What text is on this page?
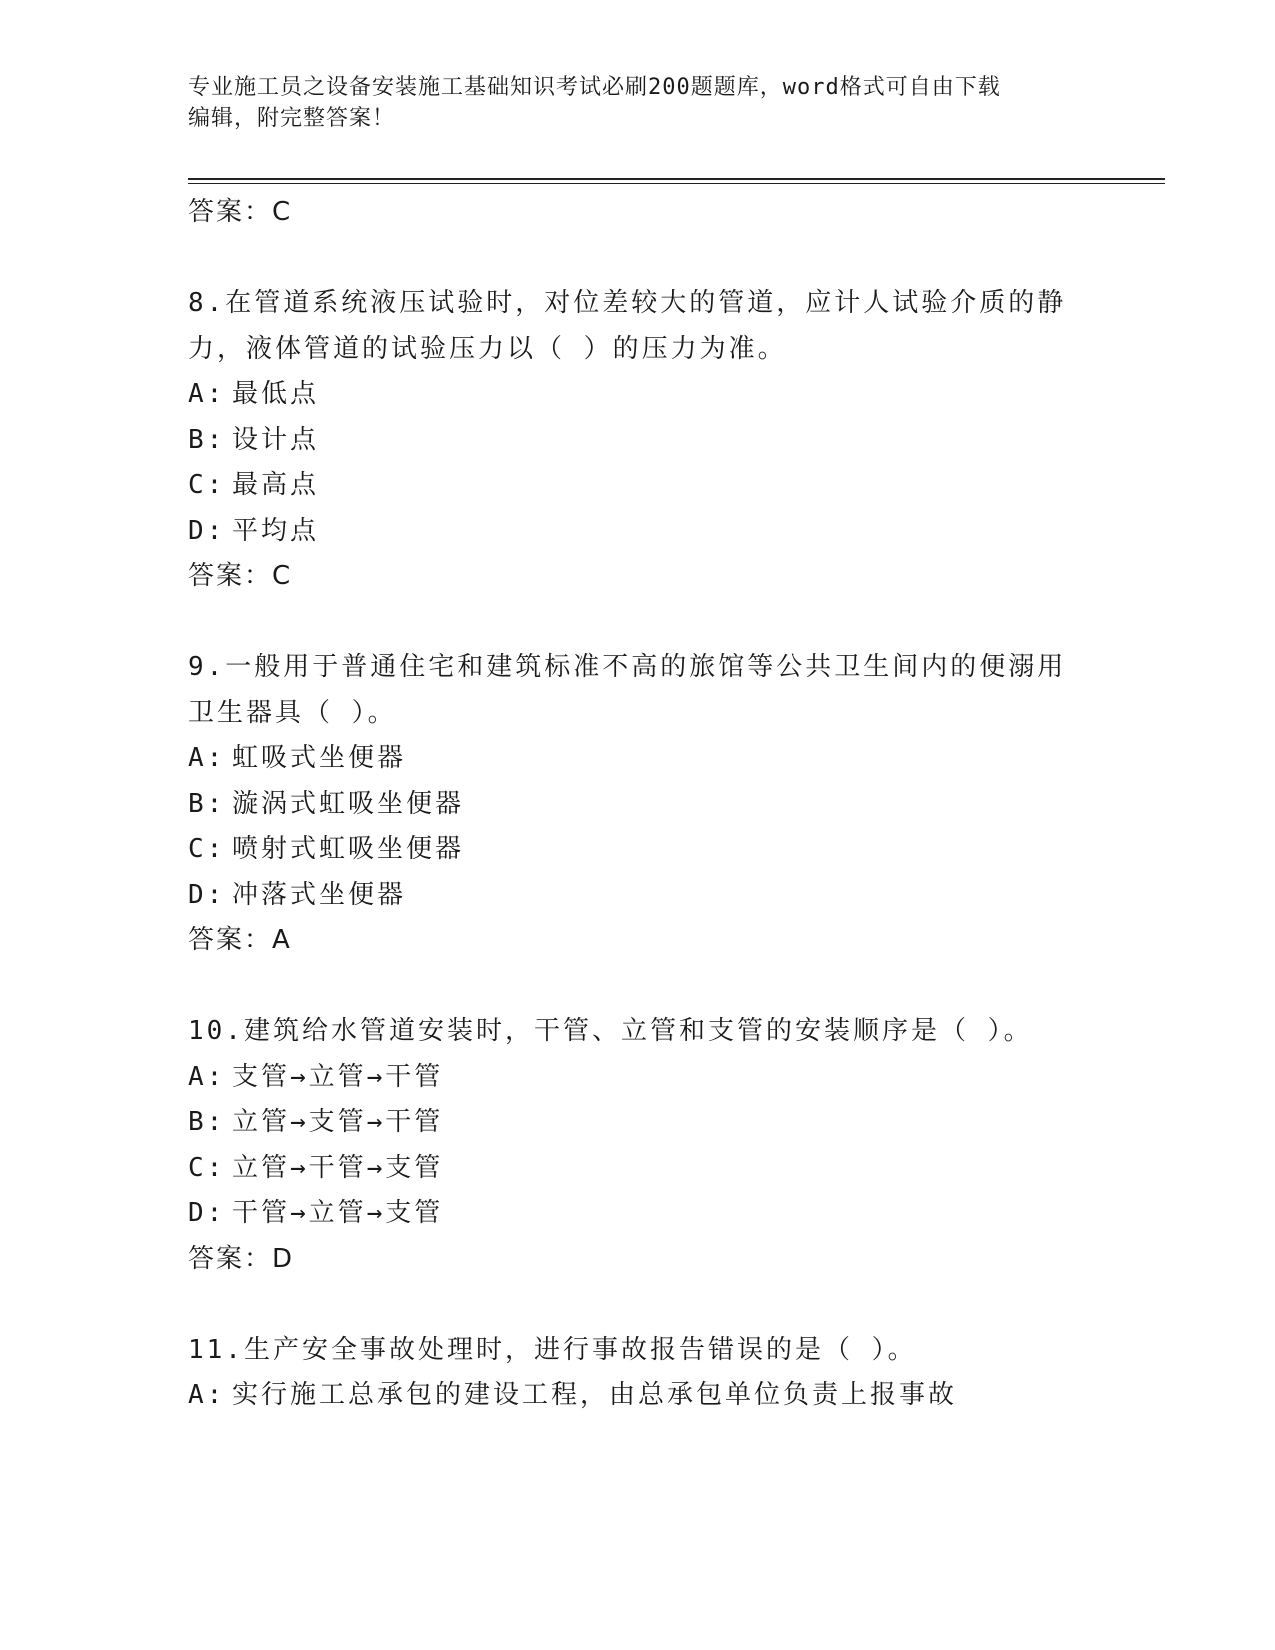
专业施工员之设备安装施工基础知识考试必刷200题题库，word格式可自由下载
编辑，附完整答案！
答案：C
8.在管道系统液压试验时，对位差较大的管道，应计人试验介质的静
力，液体管道的试验压力以（ ）的压力为准。
A: 最低点
B: 设计点
C: 最高点
D: 平均点
答案：C
9.一般用于普通住宅和建筑标准不高的旅馆等公共卫生间内的便溺用
卫生器具（ ）。
A: 虹吸式坐便器
B: 漩涡式虹吸坐便器
C: 喷射式虹吸坐便器
D: 冲落式坐便器
答案：A
10.建筑给水管道安装时，干管、立管和支管的安装顺序是（ ）。
A: 支管→立管→干管
B: 立管→支管→干管
C: 立管→干管→支管
D: 干管→立管→支管
答案：D
11.生产安全事故处理时，进行事故报告错误的是（ ）。
A: 实行施工总承包的建设工程，由总承包单位负责上报事故
